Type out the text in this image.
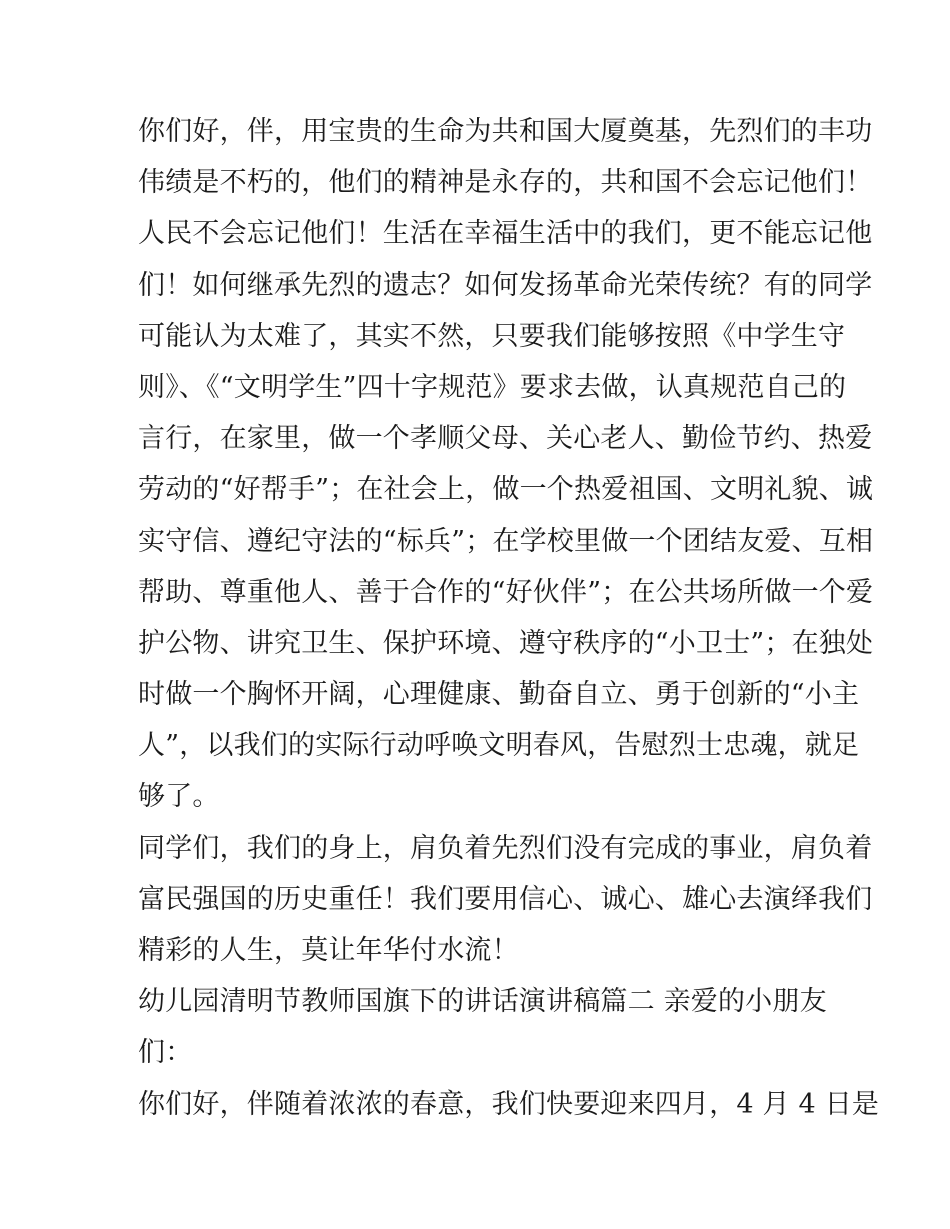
你们好，伴，用宝贵的生命为共和国大厦奠基，先烈们的丰功
伟绩是不朽的，他们的精神是永存的，共和国不会忘记他们！
人民不会忘记他们！生活在幸福生活中的我们，更不能忘记他
们！如何继承先烈的遗志？如何发扬革命光荣传统？有的同学
可能认为太难了，其实不然，只要我们能够按照《中学生守
则》、《“文明学生”四十字规范》要求去做，认真规范自己的
言行，在家里，做一个孝顺父母、关心老人、勤俭节约、热爱
劳动的“好帮手”；在社会上，做一个热爱祖国、文明礼貌、诚
实守信、遵纪守法的“标兵”；在学校里做一个团结友爱、互相
帮助、尊重他人、善于合作的“好伙伴”；在公共场所做一个爱
护公物、讲究卫生、保护环境、遵守秩序的“小卫士”；在独处
时做一个胸怀开阔，心理健康、勤奋自立、勇于创新的“小主
人”，以我们的实际行动呼唤文明春风，告慰烈士忠魂，就足
够了。
同学们，我们的身上，肩负着先烈们没有完成的事业，肩负着
富民强国的历史重任！我们要用信心、诚心、雄心去演绎我们
精彩的人生，莫让年华付水流！
幼儿园清明节教师国旗下的讲话演讲稿篇二 亲爱的小朋友
们：
你们好，伴随着浓浓的春意，我们快要迎来四月，4 月 4 日是
